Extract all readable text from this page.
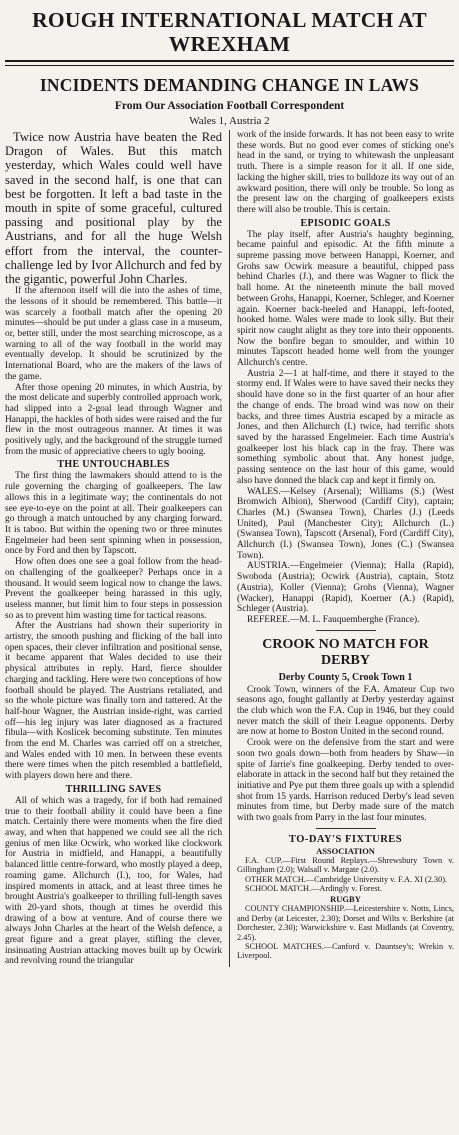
ROUGH INTERNATIONAL MATCH AT WREXHAM
INCIDENTS DEMANDING CHANGE IN LAWS
From Our Association Football Correspondent
Wales 1, Austria 2

Twice now Austria have beaten the Red Dragon of Wales. But this match yesterday, which Wales could well have saved in the second half, is one that can best be forgotten. It left a bad taste in the mouth in spite of some graceful, cultured passing and positional play by the Austrians, and for all the huge Welsh effort from the interval, the counter-challenge led by Ivor Allchurch and fed by the gigantic, powerful John Charles.

If the afternoon itself will die into the ashes of time, the lessons of it should be remembered. This battle—it was scarcely a football match after the opening 20 minutes—should be put under a glass case in a museum, or, better still, under the most searching microscope, as a warning to all of the way football in the world may eventually develop. It should be scrutinized by the International Board, who are the makers of the laws of the game.

After those opening 20 minutes, in which Austria, by the most delicate and superbly controlled approach work, had slipped into a 2-goal lead through Wagner and Hanappi, the hackles of both sides were raised and the fur flew in the most outrageous manner. At times it was positively ugly, and the background of the struggle turned from the music of appreciative cheers to ugly booing.

THE UNTOUCHABLES

The first thing the lawmakers should attend to is the rule governing the charging of goalkeepers. The law allows this in a legitimate way; the continentals do not see eye-to-eye on the point at all. Their goalkeepers can go through a match untouched by any charging forward. It is taboo. But within the opening two or three minutes Engelmeier had been sent spinning when in possession, once by Ford and then by Tapscott.

How often does one see a goal follow from the head-on challenging of the goalkeeper? Perhaps once in a thousand. It would seem logical now to change the laws. Prevent the goalkeeper being harassed in this ugly, useless manner, but limit him to four steps in possession so as to prevent him wasting time for tactical reasons.

After the Austrians had shown their superiority in artistry, the smooth pushing and flicking of the ball into open spaces, their clever infiltration and positional sense, it became apparent that Wales decided to use their physical attributes in reply. Hard, fierce shoulder charging and tackling. Here were two conceptions of how football should be played. The Austrians retaliated, and so the whole picture was finally torn and tattered. At the half-hour Wagner, the Austrian inside-right, was carried off—his leg injury was later diagnosed as a fractured fibula—with Koslicek becoming substitute. Ten minutes from the end M. Charles was carried off on a stretcher, and Wales ended with 10 men. In between these events there were times when the pitch resembled a battlefield, with players down here and there.

THRILLING SAVES

All of which was a tragedy, for if both had remained true to their football ability it could have been a fine match. Certainly there were moments when the fire died away, and when that happened we could see all the rich genius of men like Ocwirk, who worked like clockwork for Austria in midfield, and Hanappi, a beautifully balanced little centre-forward, who mostly played a deep, roaming game. Allchurch (I.), too, for Wales, had inspired moments in attack, and at least three times he brought Austria's goalkeeper to thrilling full-length saves with 20-yard shots, though at times he overdid this drawing of a bow at venture. And of course there we always John Charles at the heart of the Welsh defence, a great figure and a great player, stifling the clever, insinuating Austrian attacking moves built up by Ocwirk and revolving round the triangular

work of the inside forwards. It has not been easy to write these words. But no good ever comes of sticking one's head in the sand, or trying to whitewash the unpleasant truth. There is a simple reason for it all. If one side, lacking the higher skill, tries to bulldoze its way out of an awkward position, there will only be trouble. So long as the present law on the charging of goalkeepers exists there will also be trouble. This is certain.

EPISODIC GOALS

The play itself, after Austria's haughty beginning, became painful and episodic. At the fifth minute a supreme passing move between Hanappi, Koerner, and Grohs saw Ocwirk measure a beautiful, chipped pass behind Charles (J.), and there was Wagner to flick the ball home. At the nineteenth minute the ball moved between Grohs, Hanappi, Koerner, Schleger, and Koerner again. Koerner back-heeled and Hanappi, left-footed, hooked home. Wales were made to look silly. But their spirit now caught alight as they tore into their opponents. Now the bonfire began to smoulder, and within 10 minutes Tapscott headed home well from the younger Allchurch's centre.

Austria 2—1 at half-time, and there it stayed to the stormy end. If Wales were to have saved their necks they should have done so in the first quarter of an hour after the change of ends. The broad wind was now on their backs, and three times Austria escaped by a miracle as Jones, and then Allchurch (I.) twice, had terrific shots saved by the harassed Engelmeier. Each time Austria's goalkeeper lost his black cap in the fray. There was something symbolic about that. Any honest judge, passing sentence on the last hour of this game, would also have donned the black cap and kept it firmly on.

WALES.—Kelsey (Arsenal); Williams (S.) (West Bromwich Albion), Sherwood (Cardiff City), captain; Charles (M.) (Swansea Town), Charles (J.) (Leeds United), Paul (Manchester City); Allchurch (L.) (Swansea Town), Tapscott (Arsenal), Ford (Cardiff City), Allchurch (I.) (Swansea Town), Jones (C.) (Swansea Town).

AUSTRIA.—Engelmeier (Vienna); Halla (Rapid), Swoboda (Austria); Ocwirk (Austria), captain, Stotz (Austria), Koller (Vienna); Grohs (Vienna), Wagner (Wacker), Hanappi (Rapid), Koerner (A.) (Rapid), Schleger (Austria).

REFEREE.—M. L. Fauquemberghe (France).

CROOK NO MATCH FOR DERBY
Derby County 5, Crook Town 1

Crook Town, winners of the F.A. Amateur Cup two seasons ago, fought gallantly at Derby yesterday against the club which won the F.A. Cup in 1946, but they could never match the skill of their League opponents. Derby are now at home to Boston United in the second round.

Crook were on the defensive from the start and were soon two goals down—both from headers by Shaw—in spite of Jarrie's fine goalkeeping. Derby tended to over-elaborate in attack in the second half but they retained the initiative and Pye put them three goals up with a splendid shot from 15 yards. Harrison reduced Derby's lead seven minutes from time, but Derby made sure of the match with two goals from Parry in the last four minutes.

TO-DAY'S FIXTURES
ASSOCIATION

F.A. CUP.—First Round Replays.—Shrewsbury Town v. Gillingham (2.0); Walsall v. Margate (2.0).

OTHER MATCH.—Cambridge University v. F.A. XI (2.30).

SCHOOL MATCH.—Ardingly v. Forest.

RUGBY

COUNTY CHAMPIONSHIP.—Leicestershire v. Notts, Lincs, and Derby (at Leicester, 2.30); Dorset and Wilts v. Berkshire (at Dorchester, 2.30); Warwickshire v. East Midlands (at Coventry, 2.45).

SCHOOL MATCHES.—Canford v. Dauntsey's; Wrekin v. Liverpool.
